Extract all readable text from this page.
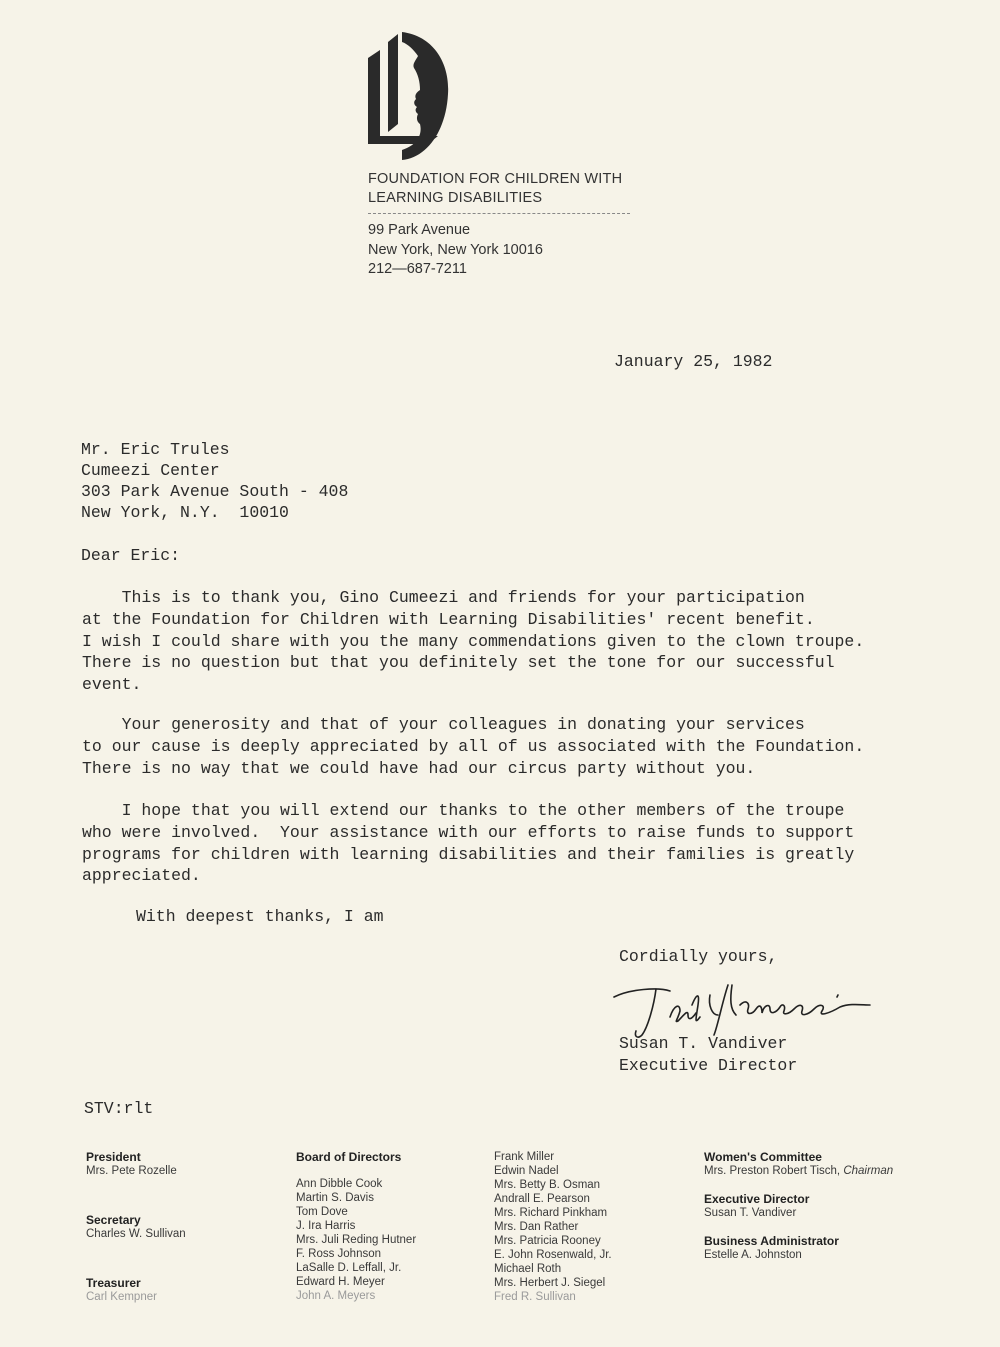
FOUNDATION FOR CHILDREN WITH
LEARNING DISABILITIES
99 Park Avenue
New York, New York 10016
212—687-7211
January 25, 1982
Mr. Eric Trules
Cumeezi Center
303 Park Avenue South - 408
New York, N.Y.  10010
Dear Eric:
This is to thank you, Gino Cumeezi and friends for your participation
at the Foundation for Children with Learning Disabilities' recent benefit.
I wish I could share with you the many commendations given to the clown troupe.
There is no question but that you definitely set the tone for our successful
event.
Your generosity and that of your colleagues in donating your services
to our cause is deeply appreciated by all of us associated with the Foundation.
There is no way that we could have had our circus party without you.
I hope that you will extend our thanks to the other members of the troupe
who were involved.  Your assistance with our efforts to raise funds to support
programs for children with learning disabilities and their families is greatly
appreciated.
With deepest thanks, I am
Cordially yours,
Susan T. Vandiver
Executive Director
STV:rlt
President
Mrs. Pete Rozelle
Secretary
Charles W. Sullivan
Treasurer
Carl Kempner
Board of Directors
Ann Dibble Cook
Martin S. Davis
Tom Dove
J. Ira Harris
Mrs. Juli Reding Hutner
F. Ross Johnson
LaSalle D. Leffall, Jr.
Edward H. Meyer
John A. Meyers
Frank Miller
Edwin Nadel
Mrs. Betty B. Osman
Andrall E. Pearson
Mrs. Richard Pinkham
Mrs. Dan Rather
Mrs. Patricia Rooney
E. John Rosenwald, Jr.
Michael Roth
Mrs. Herbert J. Siegel
Fred R. Sullivan
Women's Committee
Mrs. Preston Robert Tisch, Chairman
Executive Director
Susan T. Vandiver
Business Administrator
Estelle A. Johnston
